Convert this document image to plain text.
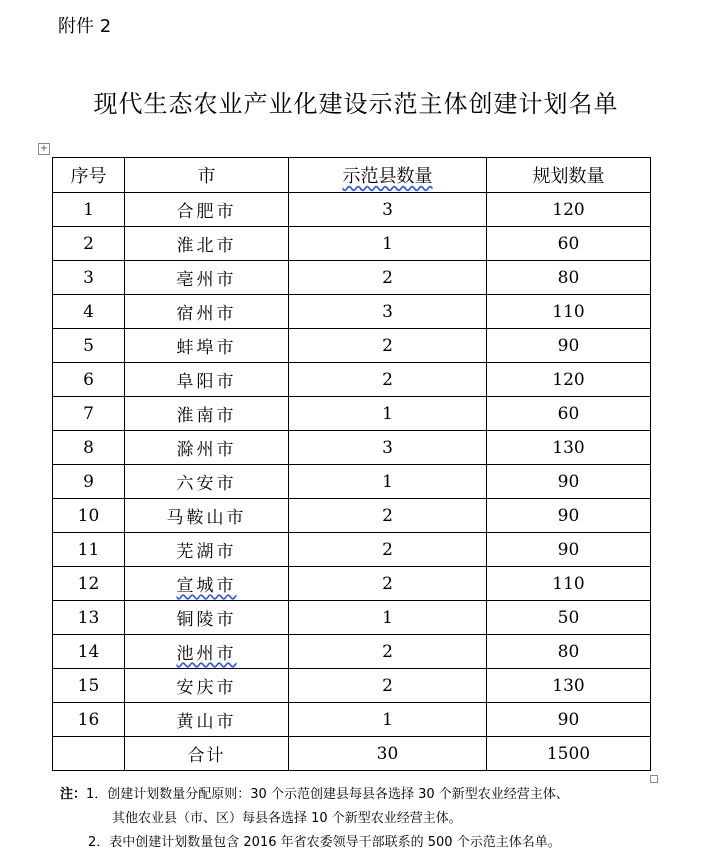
附件 2
现代生态农业产业化建设示范主体创建计划名单
+
序号	市	示范县数量	规划数量
1	合肥市	3	120
2	淮北市	1	60
3	亳州市	2	80
4	宿州市	3	110
5	蚌埠市	2	90
6	阜阳市	2	120
7	淮南市	1	60
8	滁州市	3	130
9	六安市	1	90
10	马鞍山市	2	90
11	芜湖市	2	90
12	宣城市	2	110
13	铜陵市	1	50
14	池州市	2	80
15	安庆市	2	130
16	黄山市	1	90
	合计	30	1500
注：1．创建计划数量分配原则：30 个示范创建县每县各选择 30 个新型农业经营主体、
其他农业县（市、区）每县各选择 10 个新型农业经营主体。
2．表中创建计划数量包含 2016 年省农委领导干部联系的 500 个示范主体名单。
